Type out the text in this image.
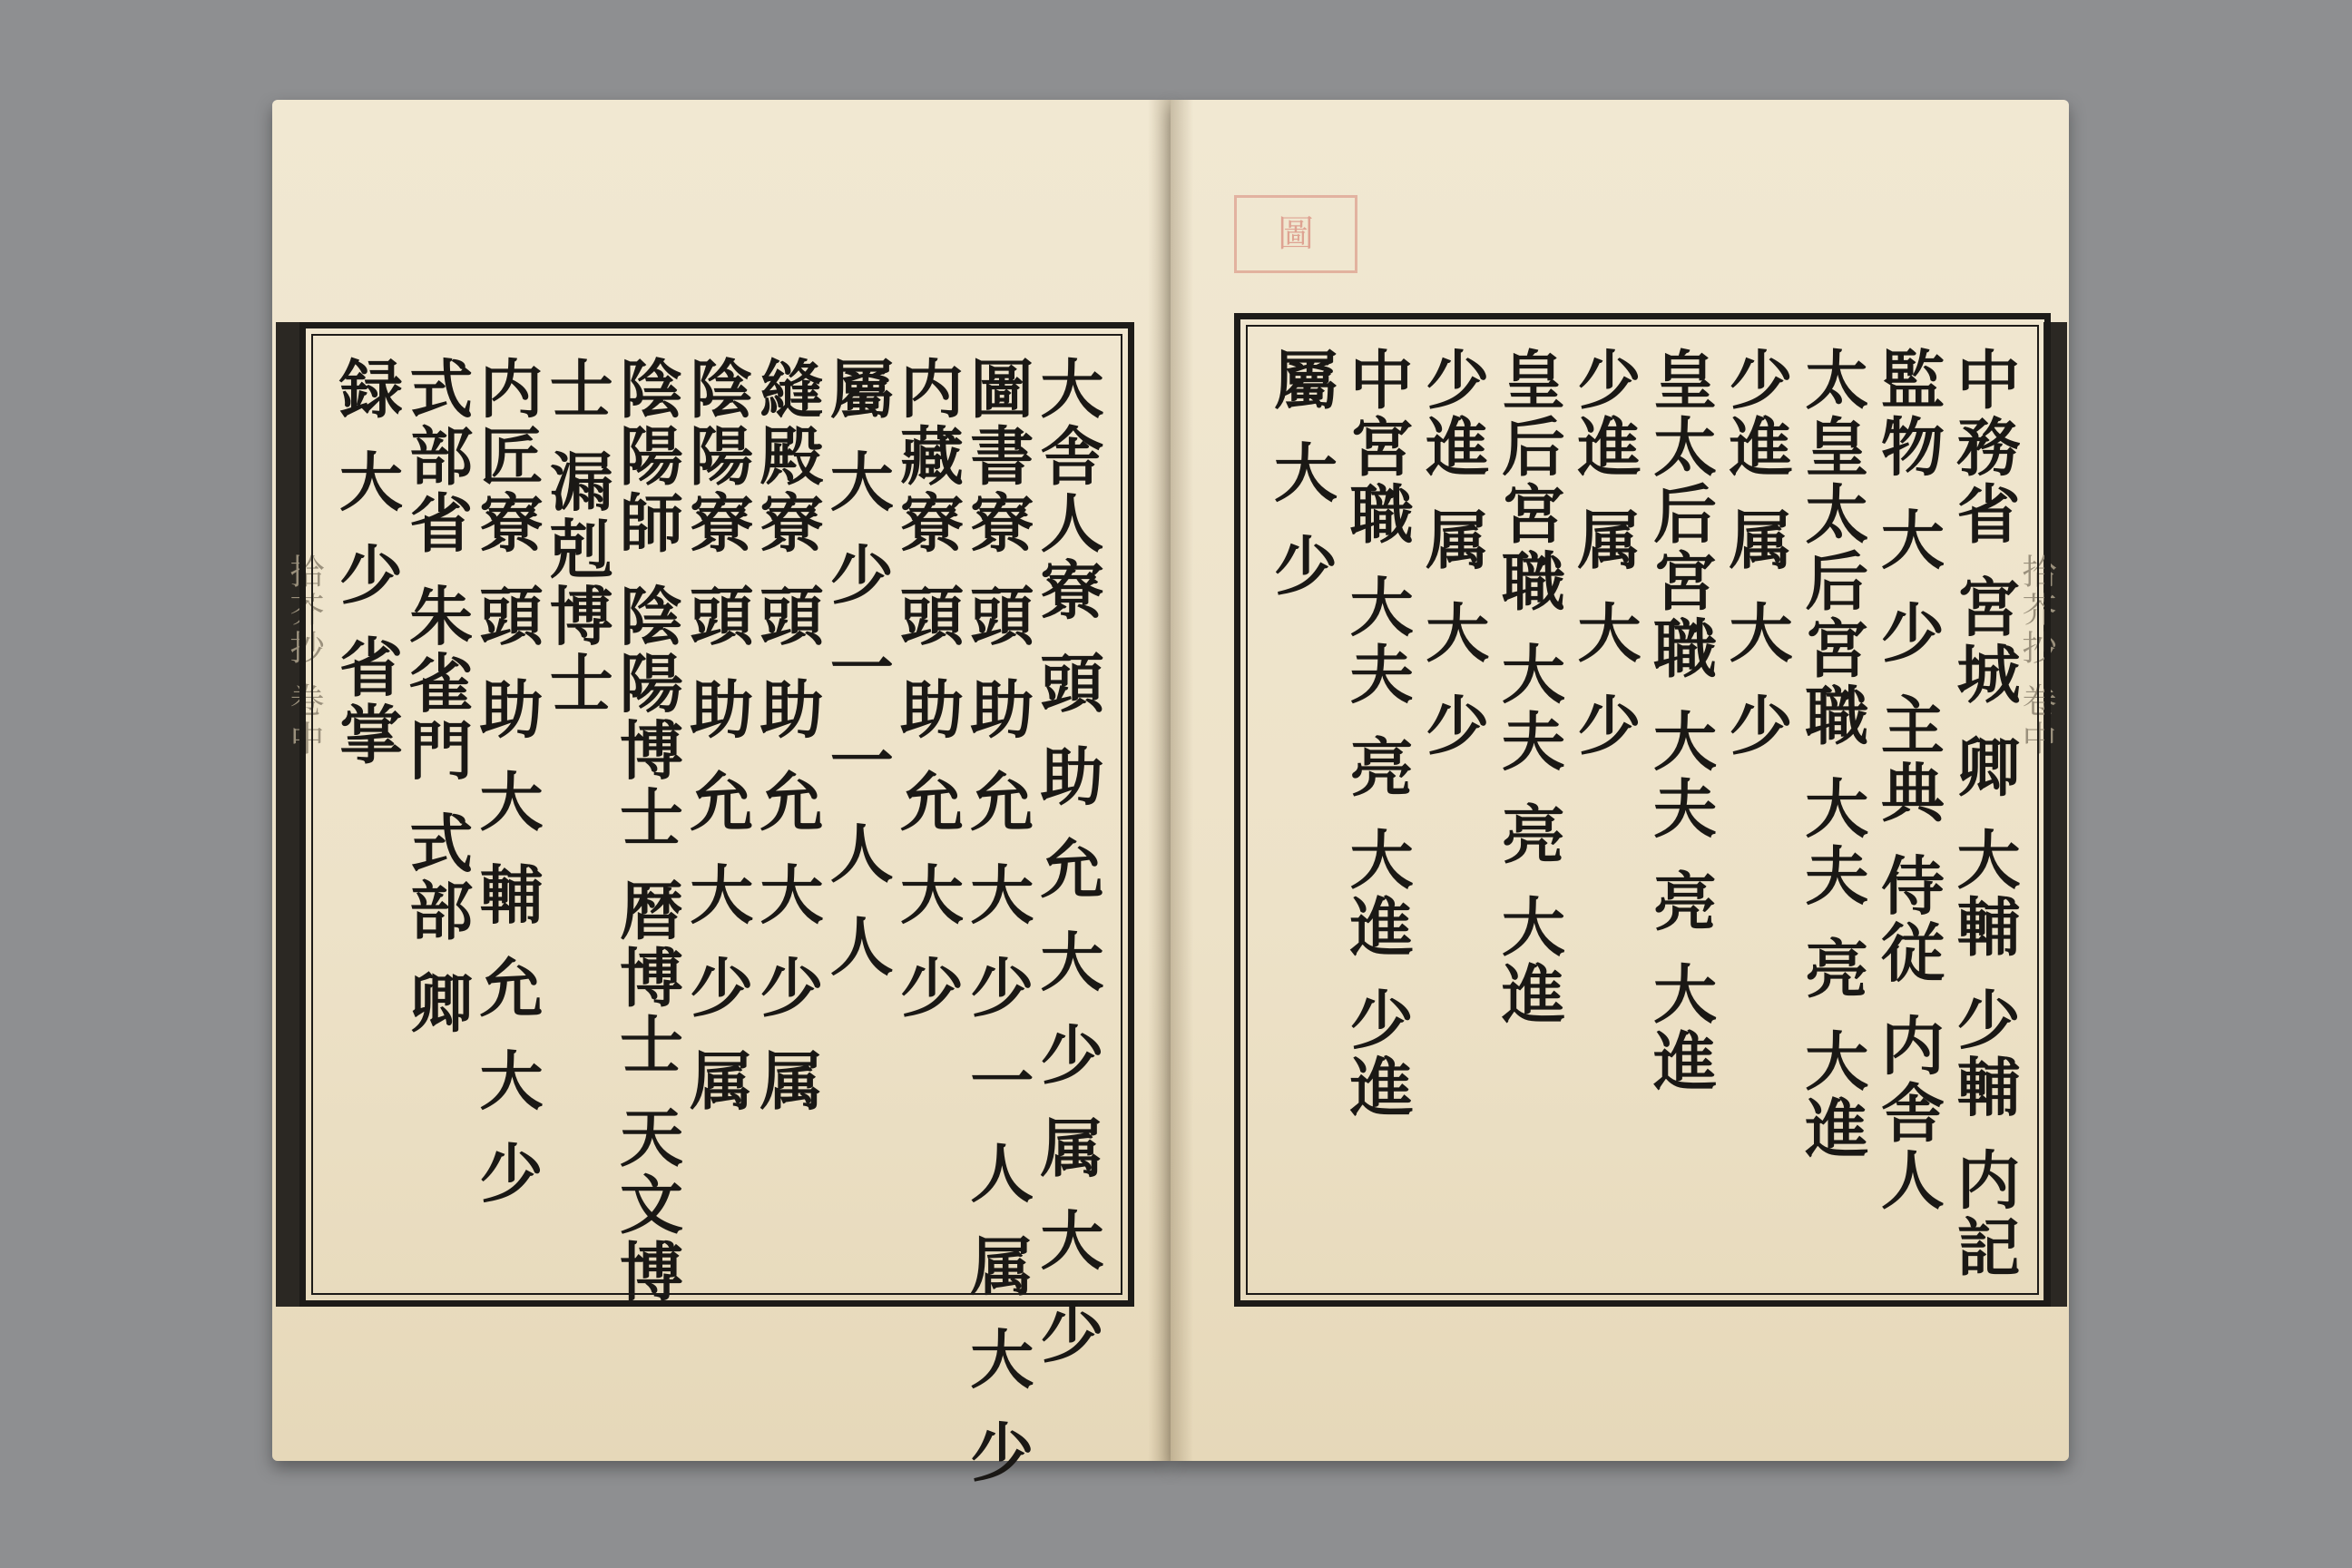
拾芥抄 卷中	大舎人寮 頭 助 允 大 少 属 大 少
圖書寮 頭 助 允 大 少 一 人 属 大 少
内藏寮 頭 助 允 大 少
屬 大 少 一 一 人 人
縫殿寮 頭 助 允 大 少 属
陰陽寮 頭 助 允 大 少 属
陰陽師 陰陽博士 暦博士 天文博
士 漏剋博士
内匠寮 頭 助 大 輔 允 大 少
式部省 朱雀門 式部 卿
録 大 少 省掌
圖
拾芥抄 卷中
中務省 宮城 卿 大輔 少輔 内記
監物 大 少 主典 侍従 内舎人
太皇太后宮職 大夫 亮 大進
少進 属 大 少
皇太后宮職 大夫 亮 大進
少進 属 大 少
皇后宮職 大夫 亮 大進
少進 属 大 少
中宮職 大夫 亮 大進 少進
屬 大 少
